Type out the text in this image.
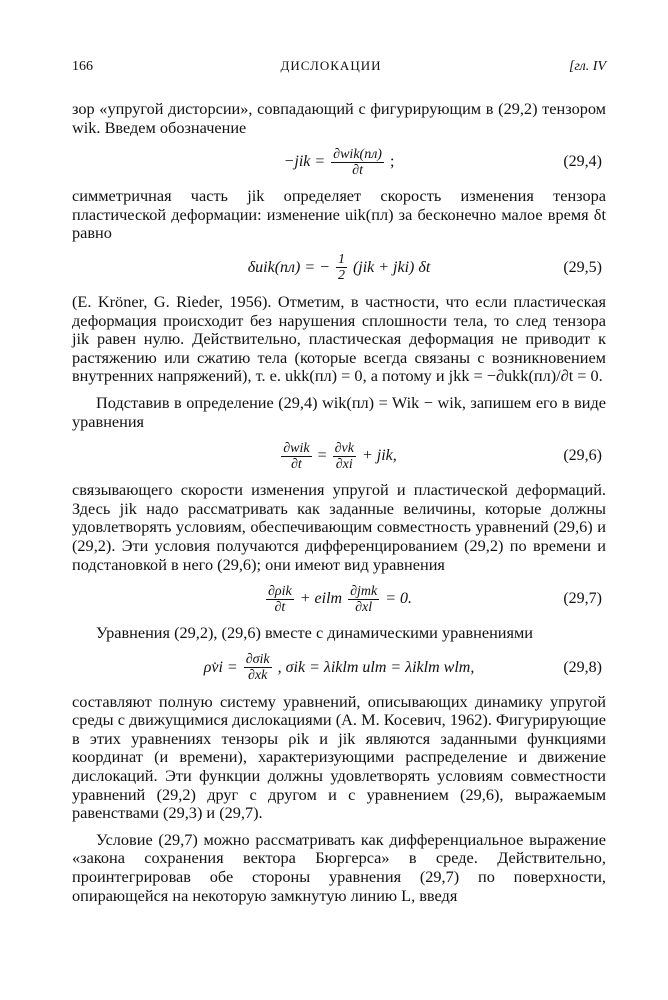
166	ДИСЛОКАЦИИ	[гл. IV

зор «упругой дисторсии», совпадающий с фигурирующим в (29,2) тензором wik. Введем обозначение

$-jik = \frac{\text{∂wik(пл)}}{\partial t}$ ;	(29,4)

симметричная часть jik определяет скорость изменения тензора пластической деформации: изменение uik(пл) за бесконечно малое время δt равно

δuik(пл) = − $\frac{1}{2} (jik + jki)$ δt	(29,5)

(E. Kröner, G. Rieder, 1956). Отметим, в частности, что если пластическая деформация происходит без нарушения сплошности тела, то след тензора jik равен нулю. Действительно, пластическая деформация не приводит к растяжению или сжатию тела (которые всегда связаны с возникновением внутренних напряжений), т. е. ukk(пл) = 0, а потому и jkk = −∂ukk(пл)/∂t = 0.

Подставив в определение (29,4) wik(пл) = Wik − wik, запишем его в виде уравнения

$\frac{\text{∂wik}}{\partial t} = \frac{\partial vk}{\partial xi}$ + jik,	(29,6)

связывающего скорости изменения упругой и пластической деформаций. Здесь jik надо рассматривать как заданные величины, которые должны удовлетворять условиям, обеспечивающим совместность уравнений (29,6) и (29,2). Эти условия получаются дифференцированием (29,2) по времени и подстановкой в него (29,6); они имеют вид уравнения

$\frac{\text{∂ρik}}{\partial t}$ + eilm $\frac{\text{∂jmk}}{\partial xl} = 0$.	(29,7)

Уравнения (29,2), (29,6) вместе с динамическими уравнениями

ρv̇i = $\frac{\text{∂σik}}{\partial xk}$ , σik = λiklm ulm = λiklm wlm,	(29,8)

составляют полную систему уравнений, описывающих динамику упругой среды с движущимися дислокациями (A. M. Косевич, 1962). Фигурирующие в этих уравнениях тензоры ρik и jik являются заданными функциями координат (и времени), характеризующими распределение и движение дислокаций. Эти функции должны удовлетворять условиям совместности уравнений (29,2) друг с другом и с уравнением (29,6), выражаемым равенствами (29,3) и (29,7).

Условие (29,7) можно рассматривать как дифференциальное выражение «закона сохранения вектора Бюргерса» в среде. Действительно, проинтегрировав обе стороны уравнения (29,7) по поверхности, опирающейся на некоторую замкнутую линию L, введя
